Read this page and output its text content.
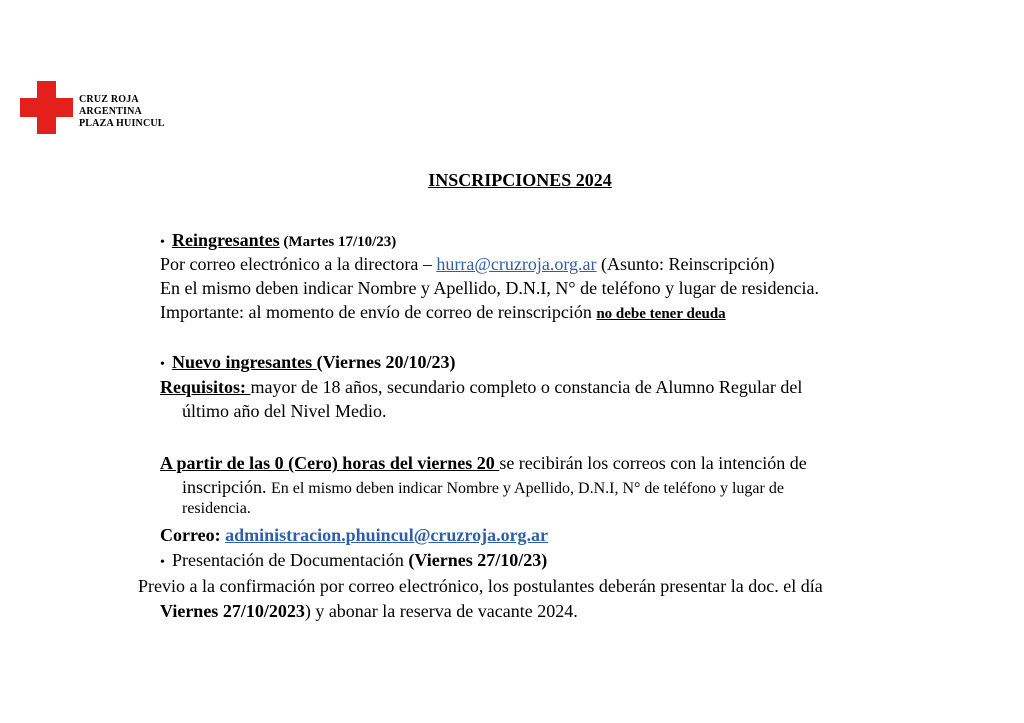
CRUZ ROJA
ARGENTINA
PLAZA HUINCUL
INSCRIPCIONES 2024
• Reingresantes (Martes 17/10/23)
Por correo electrónico a la directora – hurra@cruzroja.org.ar (Asunto: Reinscripción)
En el mismo deben indicar Nombre y Apellido, D.N.I, N° de teléfono y lugar de residencia.
Importante: al momento de envío de correo de reinscripción no debe tener deuda
• Nuevo ingresantes (Viernes 20/10/23)
Requisitos: mayor de 18 años, secundario completo o constancia de Alumno Regular del
último año del Nivel Medio.
A partir de las 0 (Cero) horas del viernes 20 se recibirán los correos con la intención de
inscripción. En el mismo deben indicar Nombre y Apellido, D.N.I, N° de teléfono y lugar de
residencia.
Correo: administracion.phuincul@cruzroja.org.ar
• Presentación de Documentación (Viernes 27/10/23)
Previo a la confirmación por correo electrónico, los postulantes deberán presentar la doc. el día
Viernes 27/10/2023) y abonar la reserva de vacante 2024.
